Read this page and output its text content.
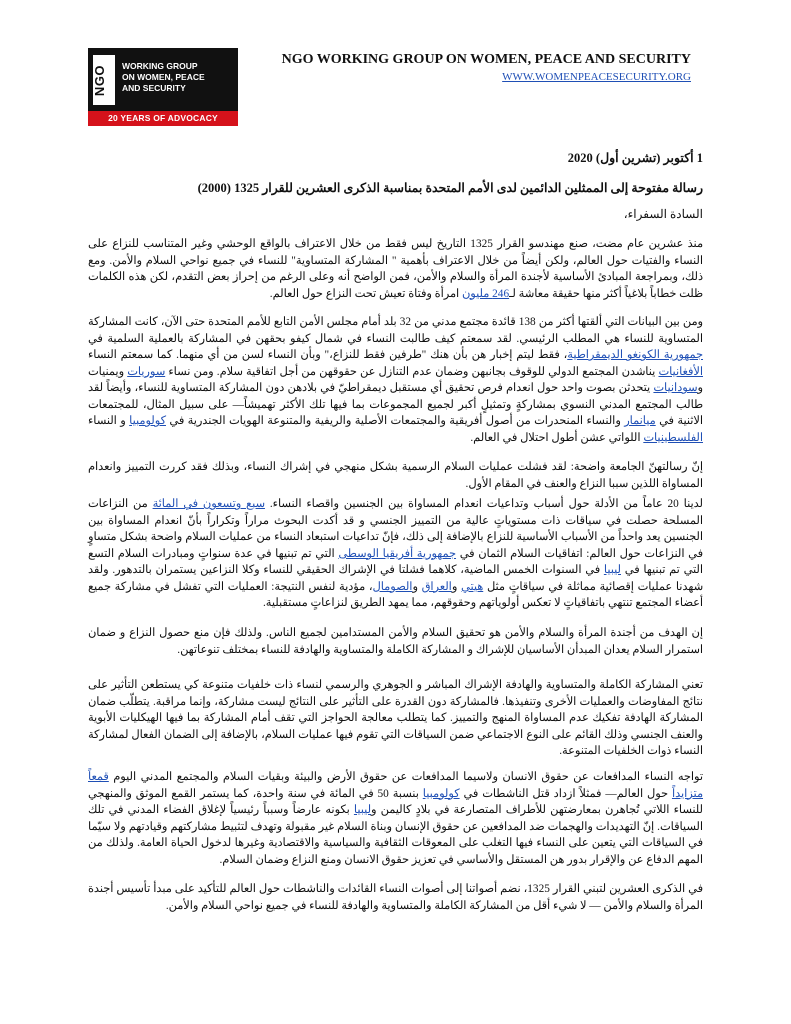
NGO WORKING GROUP
ON WOMEN, PEACE
AND SECURITY
20 YEARS OF ADVOCACY
NGO WORKING GROUP ON WOMEN, PEACE AND SECURITY
WWW.WOMENPEACESECURITY.ORG
1 أكتوبر (تشرين أول) 2020
رسالة مفتوحة إلى الممثلين الدائمين لدى الأمم المتحدة بمناسبة الذكرى العشرين للقرار 1325 (2000)
السادة السفراء،
منذ عشرين عام مضت، صنع مهندسو القرار 1325 التاريخ ليس فقط من خلال الاعتراف بالواقع الوحشي وغير المتناسب للنزاع على النساء والفتيات حول العالم، ولكن أيضاً من خلال الاعتراف بأهمية " المشاركة المتساوية" للنساء في جميع نواحي السلام والأمن. ومع ذلك، وبمراجعة المبادئ الأساسية لأجندة المرأة والسلام والأمن، فمن الواضح أنه وعلى الرغم من إحراز بعض التقدم، لكن هذه الكلمات ظلت خطاباً بلاغياً أكثر منها حقيقة معاشة لـ246 مليون امرأة وفتاة تعيش تحت النزاع حول العالم.
ومن بين البيانات التي ألقتها أكثر من 138 قائدة مجتمع مدني من 32 بلد أمام مجلس الأمن التابع للأمم المتحدة حتى الآن، كانت المشاركة المتساوية للنساء هي المطلب الرئيسي. لقد سمعتم كيف طالبت النساء في شمال كيفو بحقهن في المشاركة بالعملية السلمية في جمهورية الكونغو الديمقراطية، فقط ليتم إخبار هن بأن هنك "طرفين فقط للنزاع،" وبأن النساء لسن من أي منهما. كما سمعتم النساء الأفغانيات يناشدن المجتمع الدولي للوقوف بجانبهن وضمان عدم التنازل عن حقوقهن من أجل اتفاقية سلام. ومن نساء سوريات ويمنيات وسودانيات يتحدثن بصوت واحد حول انعدام فرص تحقيق أي مستقبل ديمقراطيّ في بلادهن دون المشاركة المتساوية للنساء، وأيضاً لقد طالب المجتمع المدني النسوي بمشاركةٍ وتمثيلٍ أكبر لجميع المجموعات بما فيها تلك الأكثر تهميشاً— على سبيل المثال، للمجتمعات الاثنية في ميانمار والنساء المنحدرات من أصول أفريقية والمجتمعات الأصلية والريفية والمتنوعة الهويات الجندرية في كولومبيا و النساء الفلسطينيات اللواتي عشن أطول احتلال في العالم.
إنّ رسالتهنّ الجامعة واضحة: لقد فشلت عمليات السلام الرسمية بشكل منهجي في إشراك النساء، وبذلك فقد كررت التمييز وانعدام المساواة اللذين سببا النزاع والعنف في المقام الأول.
لدينا 20 عاماً من الأدلة حول أسباب وتداعيات انعدام المساواة بين الجنسين واقصاء النساء. سبع وتسعون في المائة من النزاعات المسلحة حصلت في سياقات ذات مستوياتٍ عالية من التمييز الجنسي و قد أكدت البحوث مراراً وتكراراً بأنّ انعدام المساواة بين الجنسين يعد واحداً من الأسباب الأساسية للنزاع بالإضافة إلى ذلك، فإنّ تداعيات استبعاد النساء من عمليات السلام واضحة بشكل متساوٍ في النزاعات حول العالم: اتفاقيات السلام الثمان في جمهورية أفريقيا الوسطى التي تم تبنيها في عدة سنواتٍ ومبادرات السلام التسع التي تم تبنيها في ليبيا في السنوات الخمس الماضية، كلاهما فشلتا في الإشراك الحقيقي للنساء وكلا النزاعين يستمران بالتدهور. ولقد شهدنا عمليات إقصائية مماثلة في سياقاتٍ مثل هيتي والعراق والصومال، مؤدية لنفس النتيجة: العمليات التي تفشل في مشاركة جميع أعضاء المجتمع تنتهي باتفاقياتٍ لا تعكس أولوياتهم وحقوقهم، مما يمهد الطريق لنزاعاتٍ مستقبلية.
إن الهدف من أجندة المرأة والسلام والأمن هو تحقيق السلام والأمن المستدامين لجميع الناس. ولذلك فإن منع حصول النزاع و ضمان استمرار السلام يعدان المبدأن الأساسيان للإشراك و المشاركة الكاملة والمتساوية والهادفة للنساء بمختلف تنوعاتهن.
تعني المشاركة الكاملة والمتساوية والهادفة الإشراك المباشر و الجوهري والرسمي لنساء ذات خلفيات متنوعة كي يستطعن التأثير على نتائج المفاوضات والعمليات الأخرى وتنفيذها. فالمشاركة دون القدرة على التأثير على النتائج ليست مشاركة، وإنما مراقبة. يتطلّب ضمان المشاركة الهادفة تفكيك عدم المساواة المنهج والتمييز. كما يتطلب معالجة الحواجز التي تقف أمام المشاركة بما فيها الهيكليات الأبوية والعنف الجنسي وذلك القائم على النوع الاجتماعي ضمن السياقات التي تقوم فيها عمليات السلام، بالإضافة إلى الضمان الفعال لمشاركة النساء ذوات الخلفيات المتنوعة.
تواجه النساء المدافعات عن حقوق الانسان ولاسيما المدافعات عن حقوق الأرض والبيئة وبقيات السلام والمجتمع المدني اليوم قمعاً متزايداً حول العالم— فمثلاً ازداد قتل الناشطات في كولومبيا بنسبة 50 في المائة في سنة واحدة، كما يستمر القمع الموثق والمنهجي للنساء اللاتي تُجاهرن بمعارضتهن للأطراف المتصارعة في بلادٍ كاليمن وليبيا بكونه عارضاً وسبباً رئيسياً لإغلاق الفضاء المدني في تلك السياقات. إنّ التهديدات والهجمات ضد المدافعين عن حقوق الإنسان وبناة السلام غير مقبولة وتهدف لتثبيط مشاركتهم وقيادتهم ولا سيّما في السياقات التي يتعين على النساء فيها التغلب على المعوقات الثقافية والسياسية والاقتصادية وغيرها لدخول الحياة العامة. ولذلك من المهم الدفاع عن والإقرار بدور هن المستقل والأساسي في تعزيز حقوق الانسان ومنع النزاع وضمان السلام.
في الذكرى العشرين لتبني القرار 1325، نضم أصواتنا إلى أصوات النساء القائدات والناشطات حول العالم للتأكيد على مبدأ تأسيس أجندة المرأة والسلام والأمن — لا شيء أقل من المشاركة الكاملة والمتساوية والهادفة للنساء في جميع نواحي السلام والأمن.
